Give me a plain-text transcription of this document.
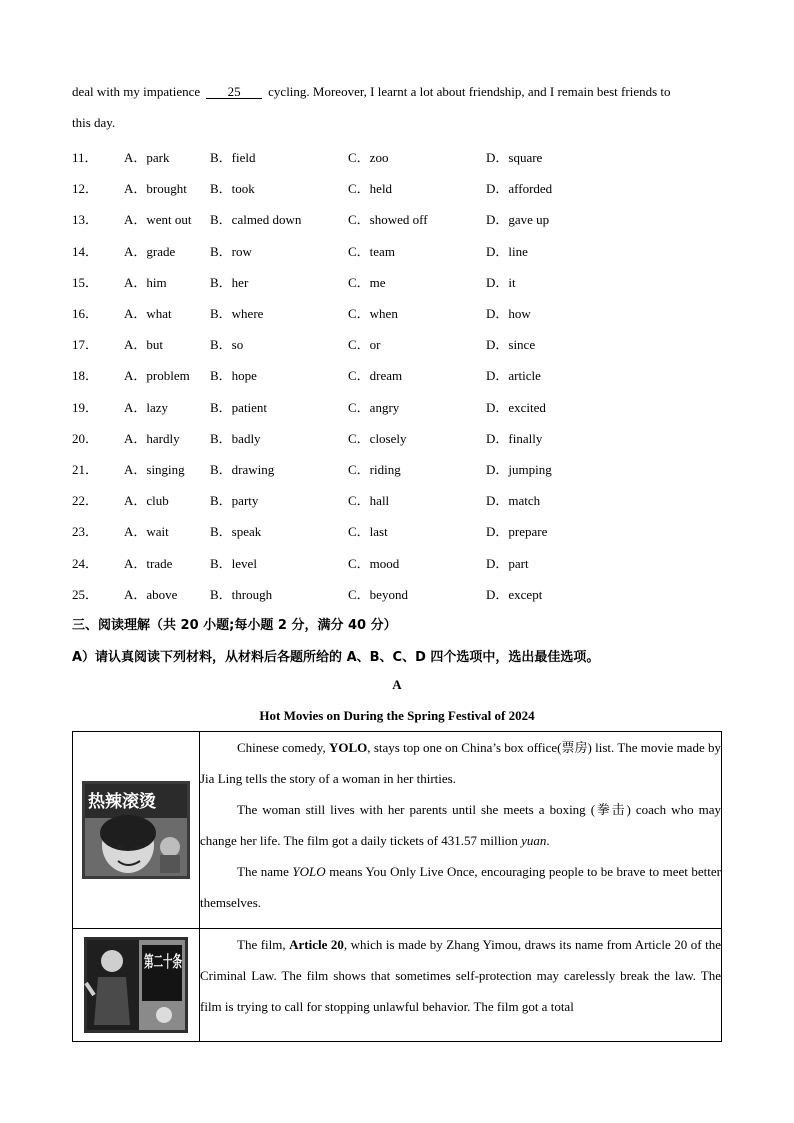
deal with my impatience 25 cycling. Moreover, I learnt a lot about friendship, and I remain best friends to
this day.
11． A．park	B．field	C．zoo	D．square
12． A．brought B．took	C．held	D．afforded
13． A．went out B．calmed down	C．showed off	D．gave up
14． A．grade	B．row	C．team	D．line
15． A．him	B．her	C．me	D．it
16． A．what	B．where	C．when	D．how
17． A．but	B．so	C．or	D．since
18． A．problem B．hope	C．dream	D．article
19． A．lazy	B．patient	C．angry	D．excited
20． A．hardly B．badly	C．closely	D．finally
21． A．singing B．drawing	C．riding	D．jumping
22． A．club	B．party	C．hall	D．match
23． A．wait	B．speak	C．last	D．prepare
24． A．trade	B．level	C．mood	D．part
25． A．above	B．through	C．beyond	D．except
三、阅读理解（共 20 小题;每小题 2 分，满分 40 分）
A）请认真阅读下列材料，从材料后各题所给的 A、B、C、D 四个选项中，选出最佳选项。
A
Hot Movies on During the Spring Festival of 2024
热辣滚烫	Chinese comedy, YOLO, stays top one on China’s box office(票房) list. The movie made by Jia Ling tells the story of a woman in her thirties.

The woman still lives with her parents until she meets a boxing (拳击) coach who may change her life. The film got a daily tickets of 431.57 million yuan.

The name YOLO means You Only Live Once, encouraging people to be brave to meet better themselves.

第二十条	The film, Article 20, which is made by Zhang Yimou, draws its name from Article 20 of the Criminal Law. The film shows that sometimes self-protection may carelessly break the law. The film is trying to call for stopping unlawful behavior. The film got a total
